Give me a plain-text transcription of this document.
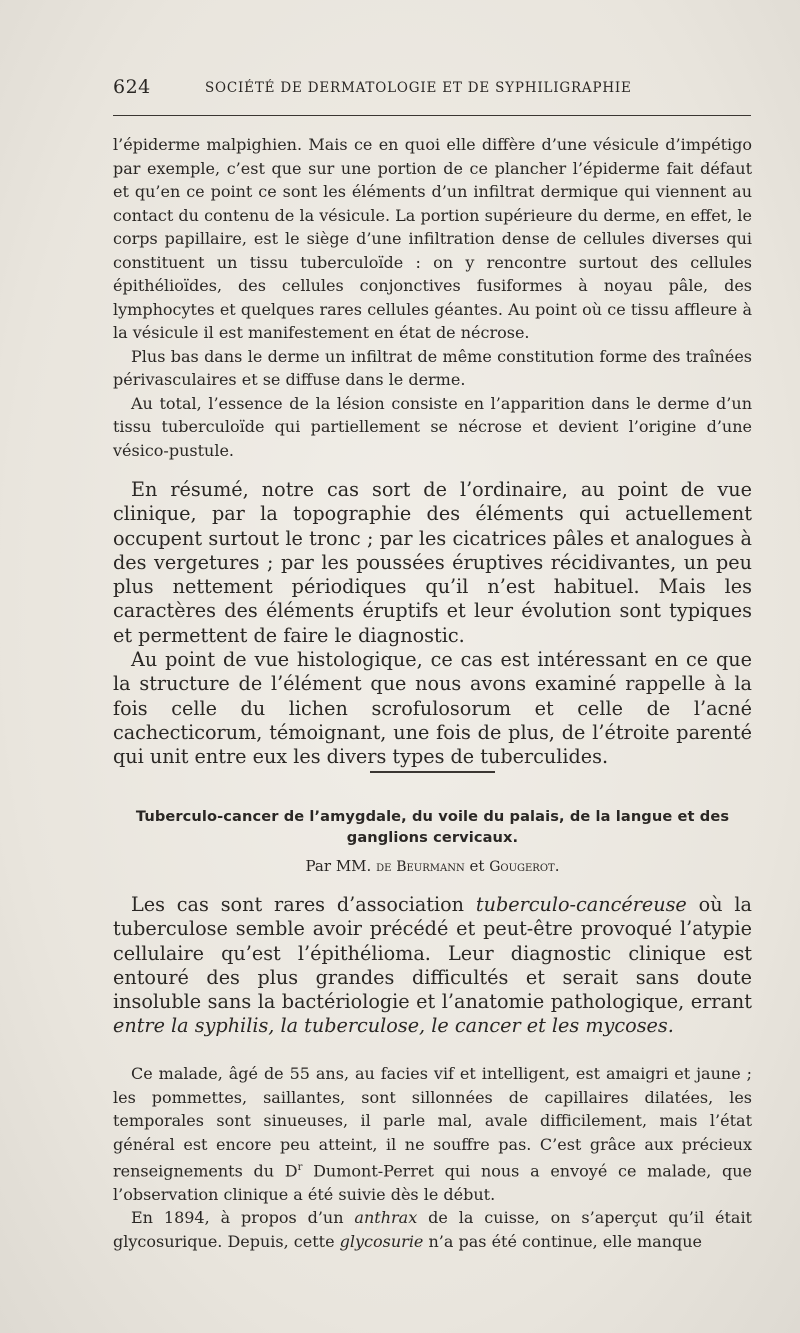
624	SOCIÉTÉ DE DERMATOLOGIE ET DE SYPHILIGRAPHIE

l’épiderme malpighien. Mais ce en quoi elle diffère d’une vésicule d’impétigo par exemple, c’est que sur une portion de ce plancher l’épiderme fait défaut et qu’en ce point ce sont les éléments d’un infiltrat dermique qui viennent au contact du contenu de la vésicule. La portion supérieure du derme, en effet, le corps papillaire, est le siège d’une infiltration dense de cellules diverses qui constituent un tissu tuberculoïde : on y rencontre surtout des cellules épithélioïdes, des cellules conjonctives fusiformes à noyau pâle, des lymphocytes et quelques rares cellules géantes. Au point où ce tissu affleure à la vésicule il est manifestement en état de nécrose.

Plus bas dans le derme un infiltrat de même constitution forme des traînées périvasculaires et se diffuse dans le derme.

Au total, l’essence de la lésion consiste en l’apparition dans le derme d’un tissu tuberculoïde qui partiellement se nécrose et devient l’origine d’une vésico-pustule.

En résumé, notre cas sort de l’ordinaire, au point de vue clinique, par la topographie des éléments qui actuellement occupent surtout le tronc ; par les cicatrices pâles et analogues à des vergetures ; par les poussées éruptives récidivantes, un peu plus nettement périodiques qu’il n’est habituel. Mais les caractères des éléments éruptifs et leur évolution sont typiques et permettent de faire le diagnostic.

Au point de vue histologique, ce cas est intéressant en ce que la structure de l’élément que nous avons examiné rappelle à la fois celle du lichen scrofulosorum et celle de l’acné cachecticorum, témoignant, une fois de plus, de l’étroite parenté qui unit entre eux les divers types de tuberculides.

Tuberculo-cancer de l’amygdale, du voile du palais, de la langue et des ganglions cervicaux.
Par MM. de Beurmann et Gougerot.

Les cas sont rares d’association tuberculo-cancéreuse où la tuberculose semble avoir précédé et peut-être provoqué l’atypie cellulaire qu’est l’épithélioma. Leur diagnostic clinique est entouré des plus grandes difficultés et serait sans doute insoluble sans la bactériologie et l’anatomie pathologique, errant entre la syphilis, la tuberculose, le cancer et les mycoses.

Ce malade, âgé de 55 ans, au facies vif et intelligent, est amaigri et jaune ; les pommettes, saillantes, sont sillonnées de capillaires dilatées, les temporales sont sinueuses, il parle mal, avale difficilement, mais l’état général est encore peu atteint, il ne souffre pas. C’est grâce aux précieux renseignements du $D^r$ Dumont-Perret qui nous a envoyé ce malade, que l’observation clinique a été suivie dès le début.

En 1894, à propos d’un anthrax de la cuisse, on s’aperçut qu’il était glycosurique. Depuis, cette glycosurie n’a pas été continue, elle manque
